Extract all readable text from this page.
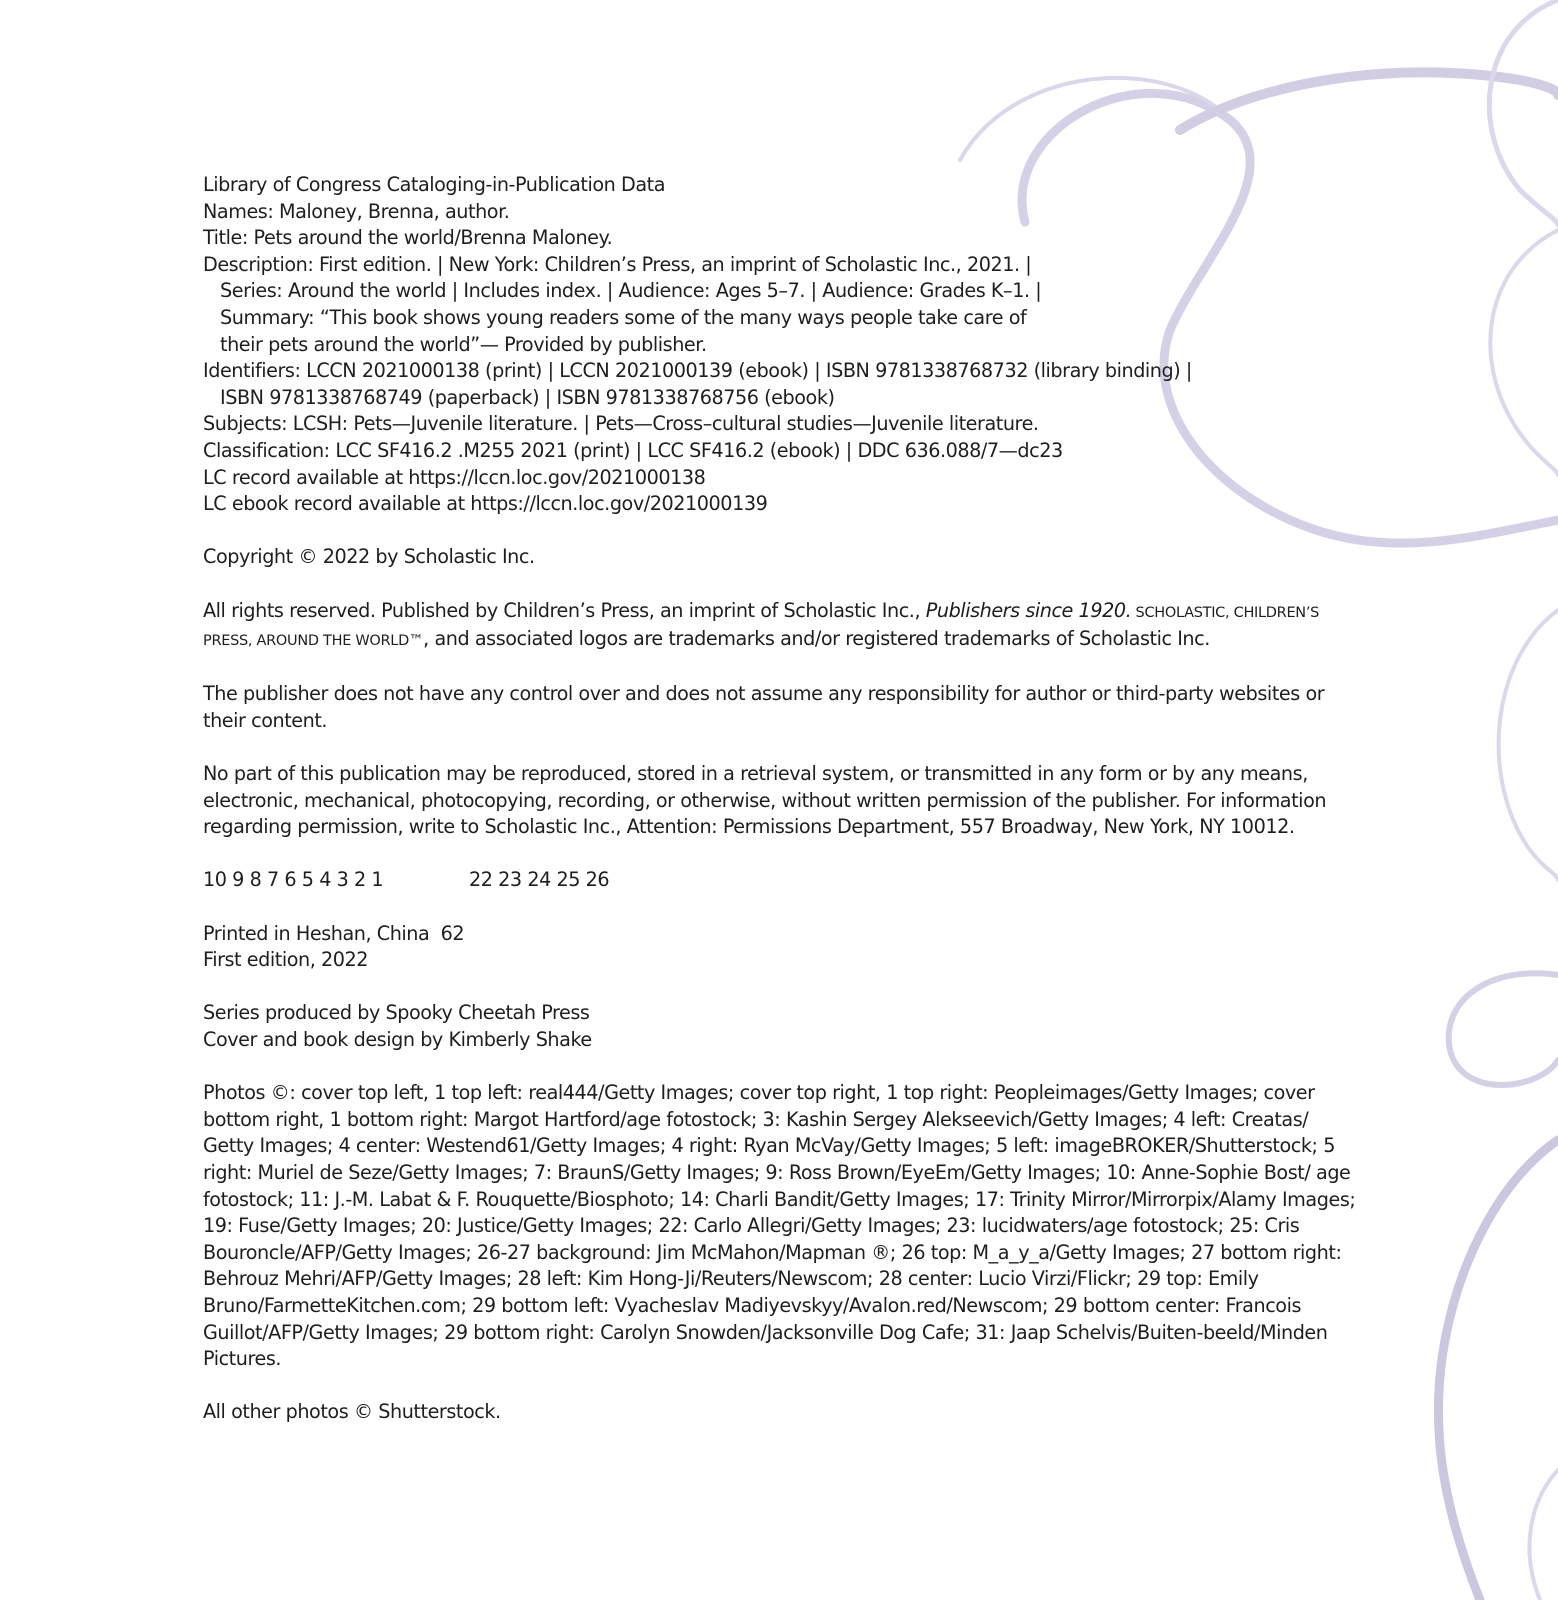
Library of Congress Cataloging-in-Publication Data
Names: Maloney, Brenna, author.
Title: Pets around the world/Brenna Maloney.
Description: First edition. | New York: Children’s Press, an imprint of Scholastic Inc., 2021. |
Series: Around the world | Includes index. | Audience: Ages 5–7. | Audience: Grades K–1. |
Summary: “This book shows young readers some of the many ways people take care of
their pets around the world”— Provided by publisher.
Identifiers: LCCN 2021000138 (print) | LCCN 2021000139 (ebook) | ISBN 9781338768732 (library binding) |
ISBN 9781338768749 (paperback) | ISBN 9781338768756 (ebook)
Subjects: LCSH: Pets—Juvenile literature. | Pets—Cross–cultural studies—Juvenile literature.
Classification: LCC SF416.2 .M255 2021 (print) | LCC SF416.2 (ebook) | DDC 636.088/7—dc23
LC record available at https://lccn.loc.gov/2021000138
LC ebook record available at https://lccn.loc.gov/2021000139
Copyright © 2022 by Scholastic Inc.
All rights reserved. Published by Children’s Press, an imprint of Scholastic Inc., Publishers since 1920. SCHOLASTIC, CHILDREN’S PRESS, AROUND THE WORLD™, and associated logos are trademarks and/or registered trademarks of Scholastic Inc.
The publisher does not have any control over and does not assume any responsibility for author or third-party websites or their content.
No part of this publication may be reproduced, stored in a retrieval system, or transmitted in any form or by any means, electronic, mechanical, photocopying, recording, or otherwise, without written permission of the publisher. For information regarding permission, write to Scholastic Inc., Attention: Permissions Department, 557 Broadway, New York, NY 10012.
10 9 8 7 6 5 4 3 2 1	22 23 24 25 26
Printed in Heshan, China  62
First edition, 2022
Series produced by Spooky Cheetah Press
Cover and book design by Kimberly Shake
Photos ©: cover top left, 1 top left: real444/Getty Images; cover top right, 1 top right: Peopleimages/Getty Images; cover bottom right, 1 bottom right: Margot Hartford/age fotostock; 3: Kashin Sergey Alekseevich/Getty Images; 4 left: Creatas/ Getty Images; 4 center: Westend61/Getty Images; 4 right: Ryan McVay/Getty Images; 5 left: imageBROKER/Shutterstock; 5 right: Muriel de Seze/Getty Images; 7: BraunS/Getty Images; 9: Ross Brown/EyeEm/Getty Images; 10: Anne-Sophie Bost/ age fotostock; 11: J.-M. Labat & F. Rouquette/Biosphoto; 14: Charli Bandit/Getty Images; 17: Trinity Mirror/Mirrorpix/Alamy Images; 19: Fuse/Getty Images; 20: Justice/Getty Images; 22: Carlo Allegri/Getty Images; 23: lucidwaters/age fotostock; 25: Cris Bouroncle/AFP/Getty Images; 26-27 background: Jim McMahon/Mapman ®; 26 top: M_a_y_a/Getty Images; 27 bottom right: Behrouz Mehri/AFP/Getty Images; 28 left: Kim Hong-Ji/Reuters/Newscom; 28 center: Lucio Virzi/Flickr; 29 top: Emily Bruno/FarmetteKitchen.com; 29 bottom left: Vyacheslav Madiyevskyy/Avalon.red/Newscom; 29 bottom center: Francois Guillot/AFP/Getty Images; 29 bottom right: Carolyn Snowden/Jacksonville Dog Cafe; 31: Jaap Schelvis/Buiten-beeld/Minden Pictures.
All other photos © Shutterstock.
